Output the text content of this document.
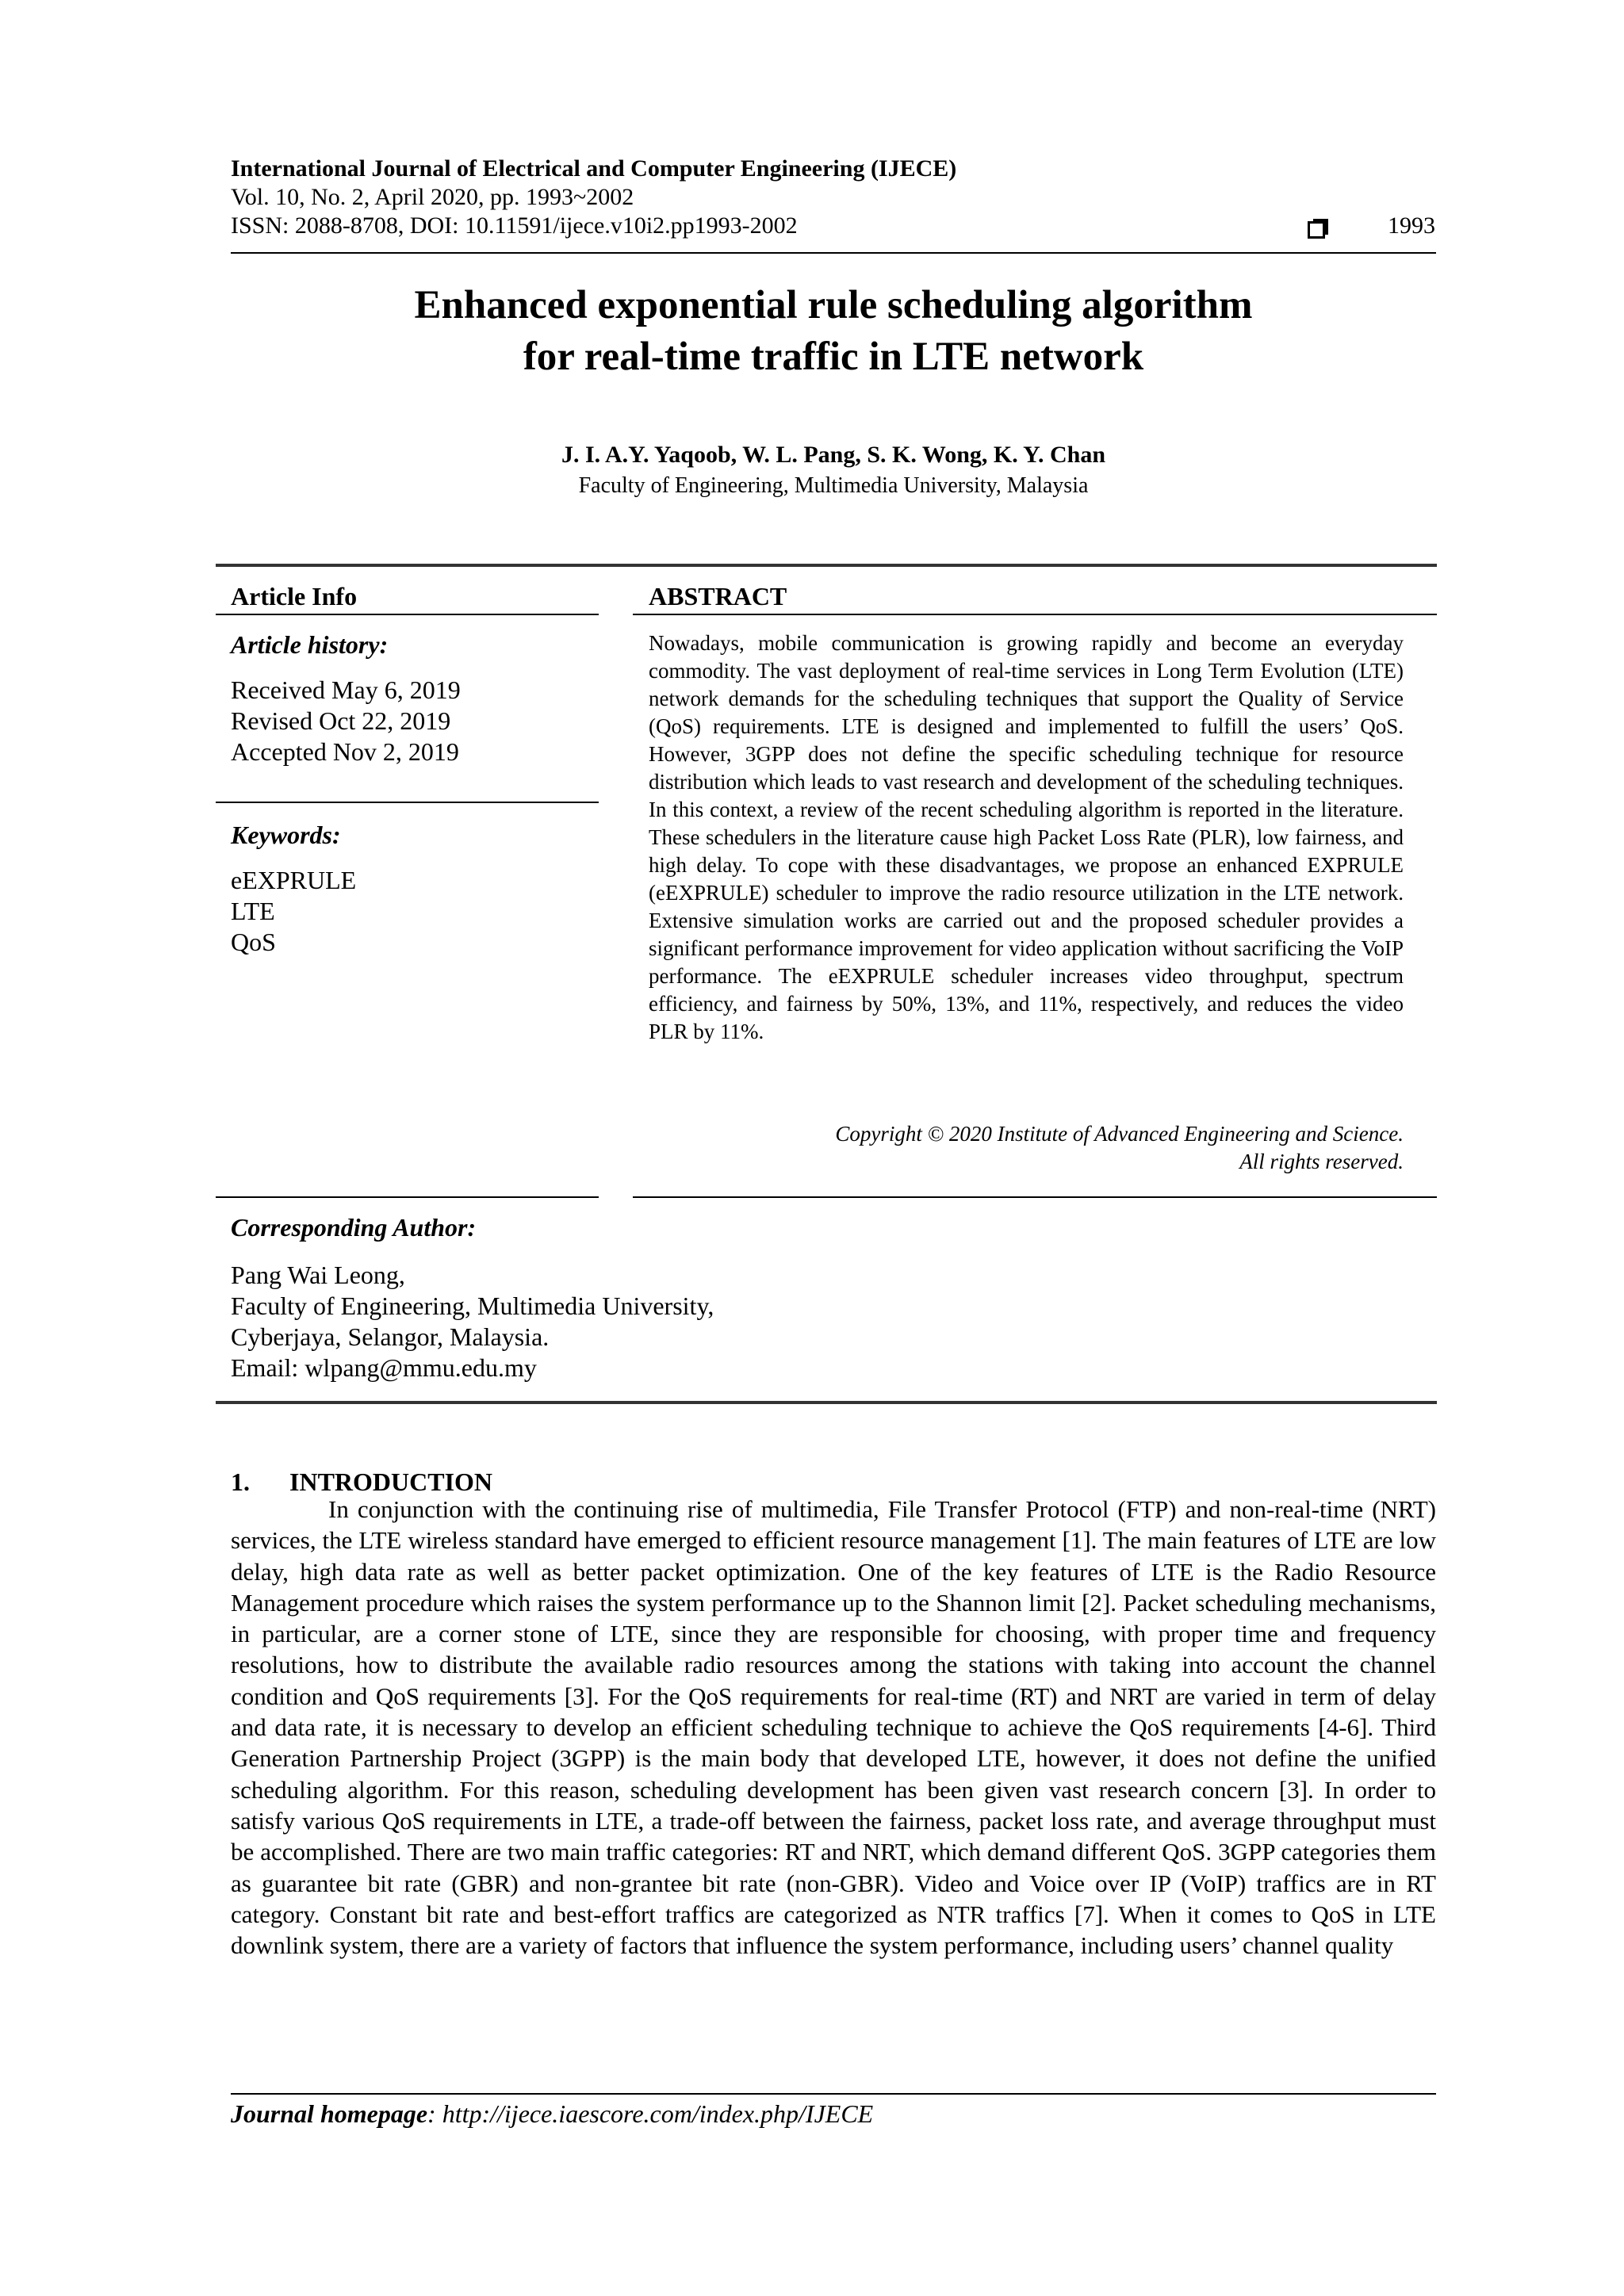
International Journal of Electrical and Computer Engineering (IJECE)
Vol. 10, No. 2, April 2020, pp. 1993~2002
ISSN: 2088-8708, DOI: 10.11591/ijece.v10i2.pp1993-2002	1993
Enhanced exponential rule scheduling algorithm
for real-time traffic in LTE network
J. I. A.Y. Yaqoob, W. L. Pang, S. K. Wong, K. Y. Chan
Faculty of Engineering, Multimedia University, Malaysia
Article Info
Article history:
Received May 6, 2019
Revised Oct 22, 2019
Accepted Nov 2, 2019
Keywords:
eEXPRULE
LTE
QoS
ABSTRACT
Nowadays, mobile communication is growing rapidly and become an everyday commodity. The vast deployment of real-time services in Long Term Evolution (LTE) network demands for the scheduling techniques that support the Quality of Service (QoS) requirements. LTE is designed and implemented to fulfill the users’ QoS. However, 3GPP does not define the specific scheduling technique for resource distribution which leads to vast research and development of the scheduling techniques. In this context, a review of the recent scheduling algorithm is reported in the literature. These schedulers in the literature cause high Packet Loss Rate (PLR), low fairness, and high delay. To cope with these disadvantages, we propose an enhanced EXPRULE (eEXPRULE) scheduler to improve the radio resource utilization in the LTE network. Extensive simulation works are carried out and the proposed scheduler provides a significant performance improvement for video application without sacrificing the VoIP performance. The eEXPRULE scheduler increases video throughput, spectrum efficiency, and fairness by 50%, 13%, and 11%, respectively, and reduces the video PLR by 11%.
Copyright © 2020 Institute of Advanced Engineering and Science.
All rights reserved.
Corresponding Author:
Pang Wai Leong,
Faculty of Engineering, Multimedia University,
Cyberjaya, Selangor, Malaysia.
Email: wlpang@mmu.edu.my
1. INTRODUCTION
In conjunction with the continuing rise of multimedia, File Transfer Protocol (FTP) and non-real-time (NRT) services, the LTE wireless standard have emerged to efficient resource management [1]. The main features of LTE are low delay, high data rate as well as better packet optimization. One of the key features of LTE is the Radio Resource Management procedure which raises the system performance up to the Shannon limit [2]. Packet scheduling mechanisms, in particular, are a corner stone of LTE, since they are responsible for choosing, with proper time and frequency resolutions, how to distribute the available radio resources among the stations with taking into account the channel condition and QoS requirements [3]. For the QoS requirements for real-time (RT) and NRT are varied in term of delay and data rate, it is necessary to develop an efficient scheduling technique to achieve the QoS requirements [4-6]. Third Generation Partnership Project (3GPP) is the main body that developed LTE, however, it does not define the unified scheduling algorithm. For this reason, scheduling development has been given vast research concern [3]. In order to satisfy various QoS requirements in LTE, a trade-off between the fairness, packet loss rate, and average throughput must be accomplished. There are two main traffic categories: RT and NRT, which demand different QoS. 3GPP categories them as guarantee bit rate (GBR) and non-grantee bit rate (non-GBR). Video and Voice over IP (VoIP) traffics are in RT category. Constant bit rate and best-effort traffics are categorized as NTR traffics [7]. When it comes to QoS in LTE downlink system, there are a variety of factors that influence the system performance, including users’ channel quality
Journal homepage: http://ijece.iaescore.com/index.php/IJECE
